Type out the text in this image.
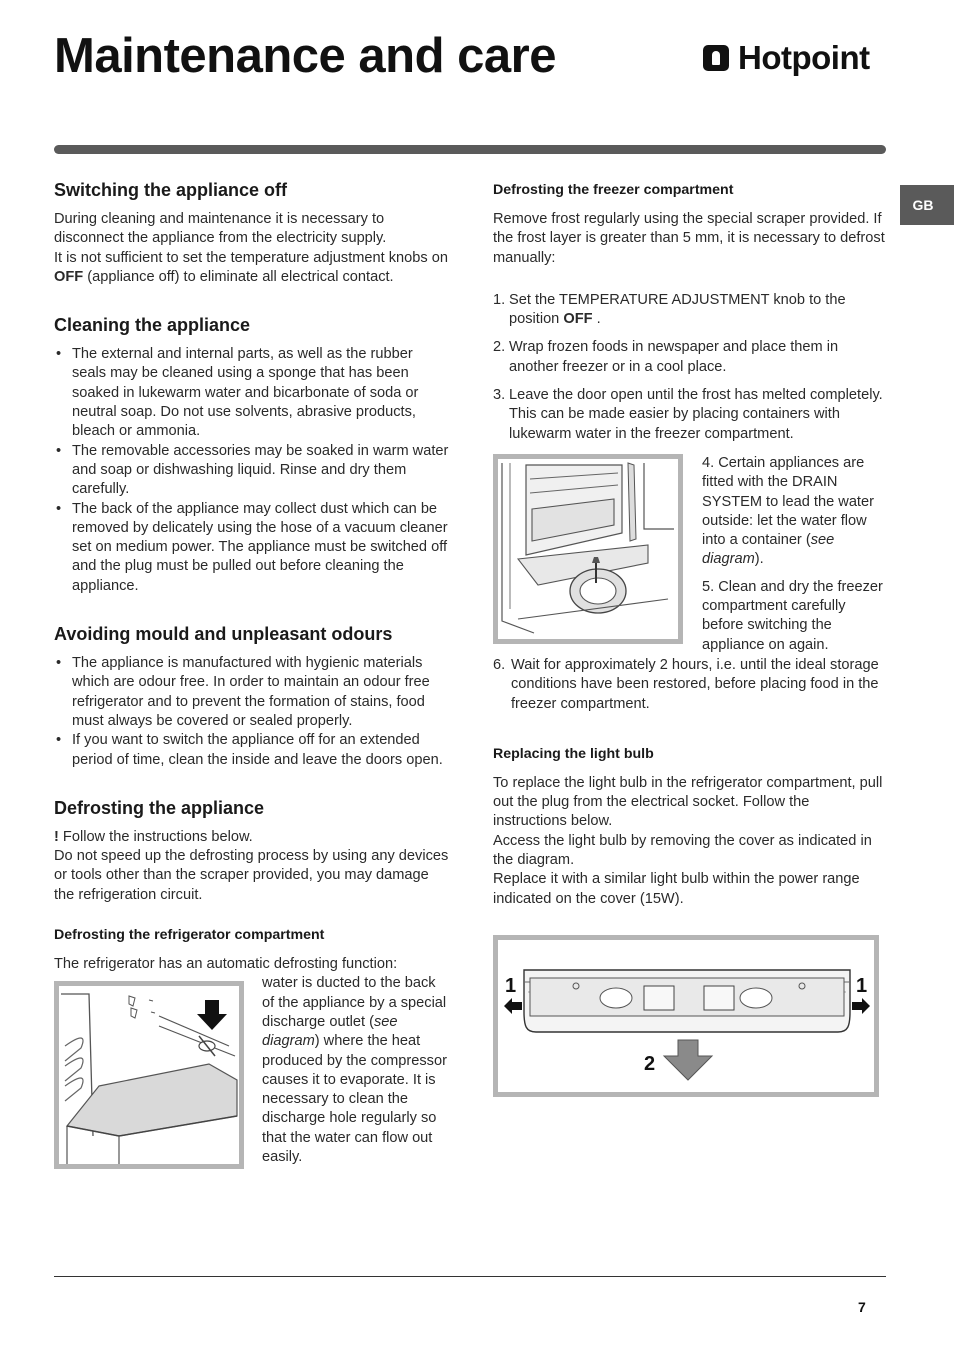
Maintenance and care	Hotpoint
GB
Switching the appliance off

During cleaning and maintenance it is necessary to disconnect the appliance from the electricity supply.

It is not sufficient to set the temperature adjustment knobs on OFF (appliance off) to eliminate all electrical contact.

Cleaning the appliance
• The external and internal parts, as well as the rubber seals may be cleaned using a sponge that has been soaked in lukewarm water and bicarbonate of soda or neutral soap. Do not use solvents, abrasive products, bleach or ammonia.
• The removable accessories may be soaked in warm water and soap or dishwashing liquid. Rinse and dry them carefully.
• The back of the appliance may collect dust which can be removed by delicately using the hose of a vacuum cleaner set on medium power. The appliance must be switched off and the plug must be pulled out before cleaning the appliance.
Avoiding mould and unpleasant odours
• The appliance is manufactured with hygienic materials which are odour free. In order to maintain an odour free refrigerator and to prevent the formation of stains, food must always be covered or sealed properly.
• If you want to switch the appliance off for an extended period of time, clean the inside and leave the doors open.
Defrosting the appliance

! Follow the instructions below.

Do not speed up the defrosting process by using any devices or tools other than the scraper provided, you may damage the refrigeration circuit.

Defrosting the refrigerator compartment

The refrigerator has an automatic defrosting function:

water is ducted to the back of the appliance by a special discharge outlet (see diagram) where the heat produced by the compressor causes it to evaporate. It is necessary to clean the discharge hole regularly so that the water can flow out easily.

Defrosting the freezer compartment

Remove frost regularly using the special scraper provided. If the frost layer is greater than 5 mm, it is necessary to defrost manually:

1. Set the TEMPERATURE ADJUSTMENT knob to the position OFF .
2. Wrap frozen foods in newspaper and place them in another freezer or in a cool place.
3. Leave the door open until the frost has melted completely. This can be made easier by placing containers with lukewarm water in the freezer compartment.

4. Certain appliances are fitted with the DRAIN SYSTEM to lead the water outside: let the water flow into a container (see diagram).

5. Clean and dry the freezer compartment carefully before switching the appliance on again.

6. Wait for approximately 2 hours, i.e. until the ideal storage conditions have been restored, before placing food in the freezer compartment.
Replacing the light bulb

To replace the light bulb in the refrigerator compartment, pull out the plug from the electrical socket. Follow the instructions below.

Access the light bulb by removing the cover as indicated in the diagram.

Replace it with a similar light bulb within the power range indicated on the cover (15W).

1	1
2
7
